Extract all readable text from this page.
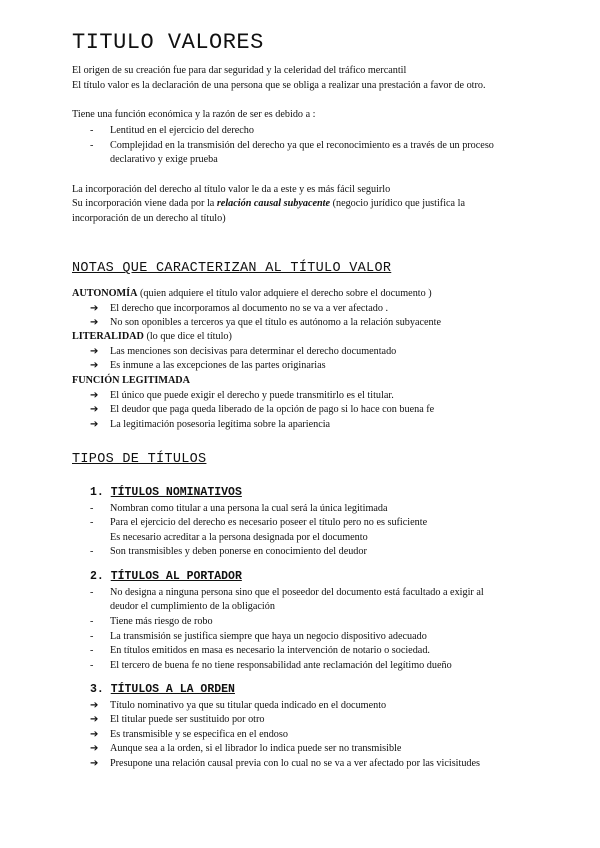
TITULO VALORES
El origen de su creación fue para dar seguridad y la celeridad del tráfico mercantil
El título valor es la declaración de una persona que se obliga a realizar una prestación a favor de otro.
Tiene una función económica y la razón de ser es debido a :
- Lentitud en el ejercicio del derecho
- Complejidad en la transmisión del derecho ya que el reconocimiento es a través de un proceso
declarativo y exige prueba
La incorporación del derecho al título valor le da a este y es más fácil seguirlo
Su incorporación viene dada por la relación causal subyacente (negocio jurídico que justifica la
incorporación de un derecho al título)
NOTAS QUE CARACTERIZAN AL TÍTULO VALOR
AUTONOMÍA (quien adquiere el título valor adquiere el derecho sobre el documento )
➔ El derecho que incorporamos al documento no se va a ver afectado .
➔ No son oponibles a terceros ya que el título es autónomo a la relación subyacente
LITERALIDAD (lo que dice el título)
➔ Las menciones son decisivas para determinar el derecho documentado
➔ Es inmune a las excepciones de las partes originarias
FUNCIÓN LEGITIMADA
➔ El único que puede exigir el derecho y puede transmitirlo es el titular.
➔ El deudor que paga queda liberado de la opción de pago si lo hace con buena fe
➔ La legitimación posesoria legítima sobre la apariencia
TIPOS DE TÍTULOS
1. TÍTULOS NOMINATIVOS
- Nombran como titular a una persona la cual será la única legitimada
- Para el ejercicio del derecho es necesario poseer el título pero no es suficiente
Es necesario acreditar a la persona designada por el documento
- Son transmisibles y deben ponerse en conocimiento del deudor
2. TÍTULOS AL PORTADOR
- No designa a ninguna persona sino que el poseedor del documento está facultado a exigir al
deudor el cumplimiento de la obligación
- Tiene más riesgo de robo
- La transmisión se justifica siempre que haya un negocio dispositivo adecuado
- En títulos emitidos en masa es necesario la intervención de notario o sociedad.
- El tercero de buena fe no tiene responsabilidad ante reclamación del legítimo dueño
3. TÍTULOS A LA ORDEN
➔ Título nominativo ya que su titular queda indicado en el documento
➔ El titular puede ser sustituido por otro
➔ Es transmisible y se especifica en el endoso
➔ Aunque sea a la orden, si el librador lo indica puede ser no transmisible
➔ Presupone una relación causal previa con lo cual no se va a ver afectado por las vicisitudes
